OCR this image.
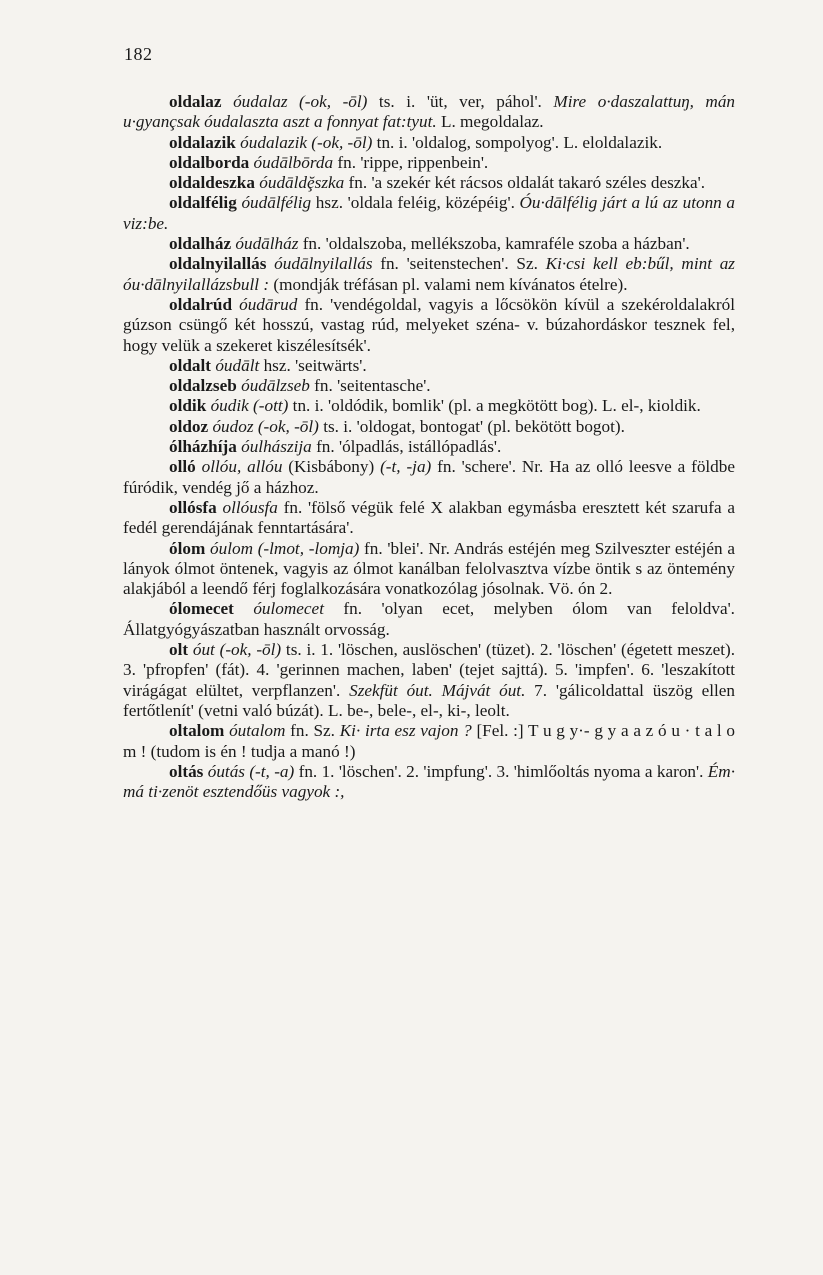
182

oldalaz óudalaz (-ok, -ōl) ts. i. 'üt, ver, páhol'. Mire o·daszalattuŋ, mán u·gyançsak óudalaszta aszt a fonnyat fat:tyut. L. megoldalaz.

oldalazik óudalazik (-ok, -ōl) tn. i. 'oldalog, sompolyog'. L. eloldalazik.

oldalborda óudālbōrda fn. 'rippe, rippenbein'.

oldaldeszka óudāldḝszka fn. 'a szekér két rácsos oldalát takaró széles deszka'.

oldalfélig óudālfélig hsz. 'oldala feléig, középéig'. Óu·dālfélig járt a lú az utonn a viz:be.

oldalház óudālház fn. 'oldalszoba, mellékszoba, kamraféle szoba a házban'.

oldalnyilallás óudālnyilallás fn. 'seitenstechen'. Sz. Ki·csi kell eb:bűl, mint az óu·dālnyilallázsbull : (mondják tréfásan pl. valami nem kívánatos ételre).

oldalrúd óudārud fn. 'vendégoldal, vagyis a lőcsökön kívül a szekéroldalakról gúzson csüngő két hosszú, vastag rúd, melyeket széna- v. búzahordáskor tesznek fel, hogy velük a szekeret kiszélesítsék'.

oldalt óudālt hsz. 'seitwärts'.

oldalzseb óudālzseb fn. 'seitentasche'.

oldik óudik (-ott) tn. i. 'oldódik, bomlik' (pl. a megkötött bog). L. el-, kioldik.

oldoz óudoz (-ok, -ōl) ts. i. 'oldogat, bontogat' (pl. bekötött bogot).

ólházhíja óulhászija fn. 'ólpadlás, istállópadlás'.

olló ollóu, allóu (Kisbábony) (-t, -ja) fn. 'schere'. Nr. Ha az olló leesve a földbe fúródik, vendég jő a házhoz.

ollósfa ollóusfa fn. 'fölső végük felé X alakban egymásba eresztett két szarufa a fedél gerendájának fenntartására'.

ólom óulom (-lmot, -lomja) fn. 'blei'. Nr. András estéjén meg Szilveszter estéjén a lányok ólmot öntenek, vagyis az ólmot kanálban felolvasztva vízbe öntik s az öntemény alakjából a leendő férj foglalkozására vonatkozólag jósolnak. Vö. ón 2.

ólomecet óulomecet fn. 'olyan ecet, melyben ólom van feloldva'. Állatgyógyászatban használt orvosság.

olt óut (-ok, -ōl) ts. i. 1. 'löschen, auslöschen' (tüzet). 2. 'löschen' (égetett meszet). 3. 'pfropfen' (fát). 4. 'gerinnen machen, laben' (tejet sajttá). 5. 'impfen'. 6. 'leszakított virágágat elültet, verpflanzen'. Szekfüt óut. Májvát óut. 7. 'gálicoldattal üszög ellen fertőtlenít' (vetni való búzát). L. be-, bele-, el-, ki-, leolt.

oltalom óutalom fn. Sz. Ki· irta esz vajon ? [Fel. :] T u g y·- g y a a z ó u · t a l o m ! (tudom is én ! tudja a manó !)

oltás óutás (-t, -a) fn. 1. 'löschen'. 2. 'impfung'. 3. 'himlőoltás nyoma a karon'. Ém· má ti·zenöt esztendőüs vagyok :,
